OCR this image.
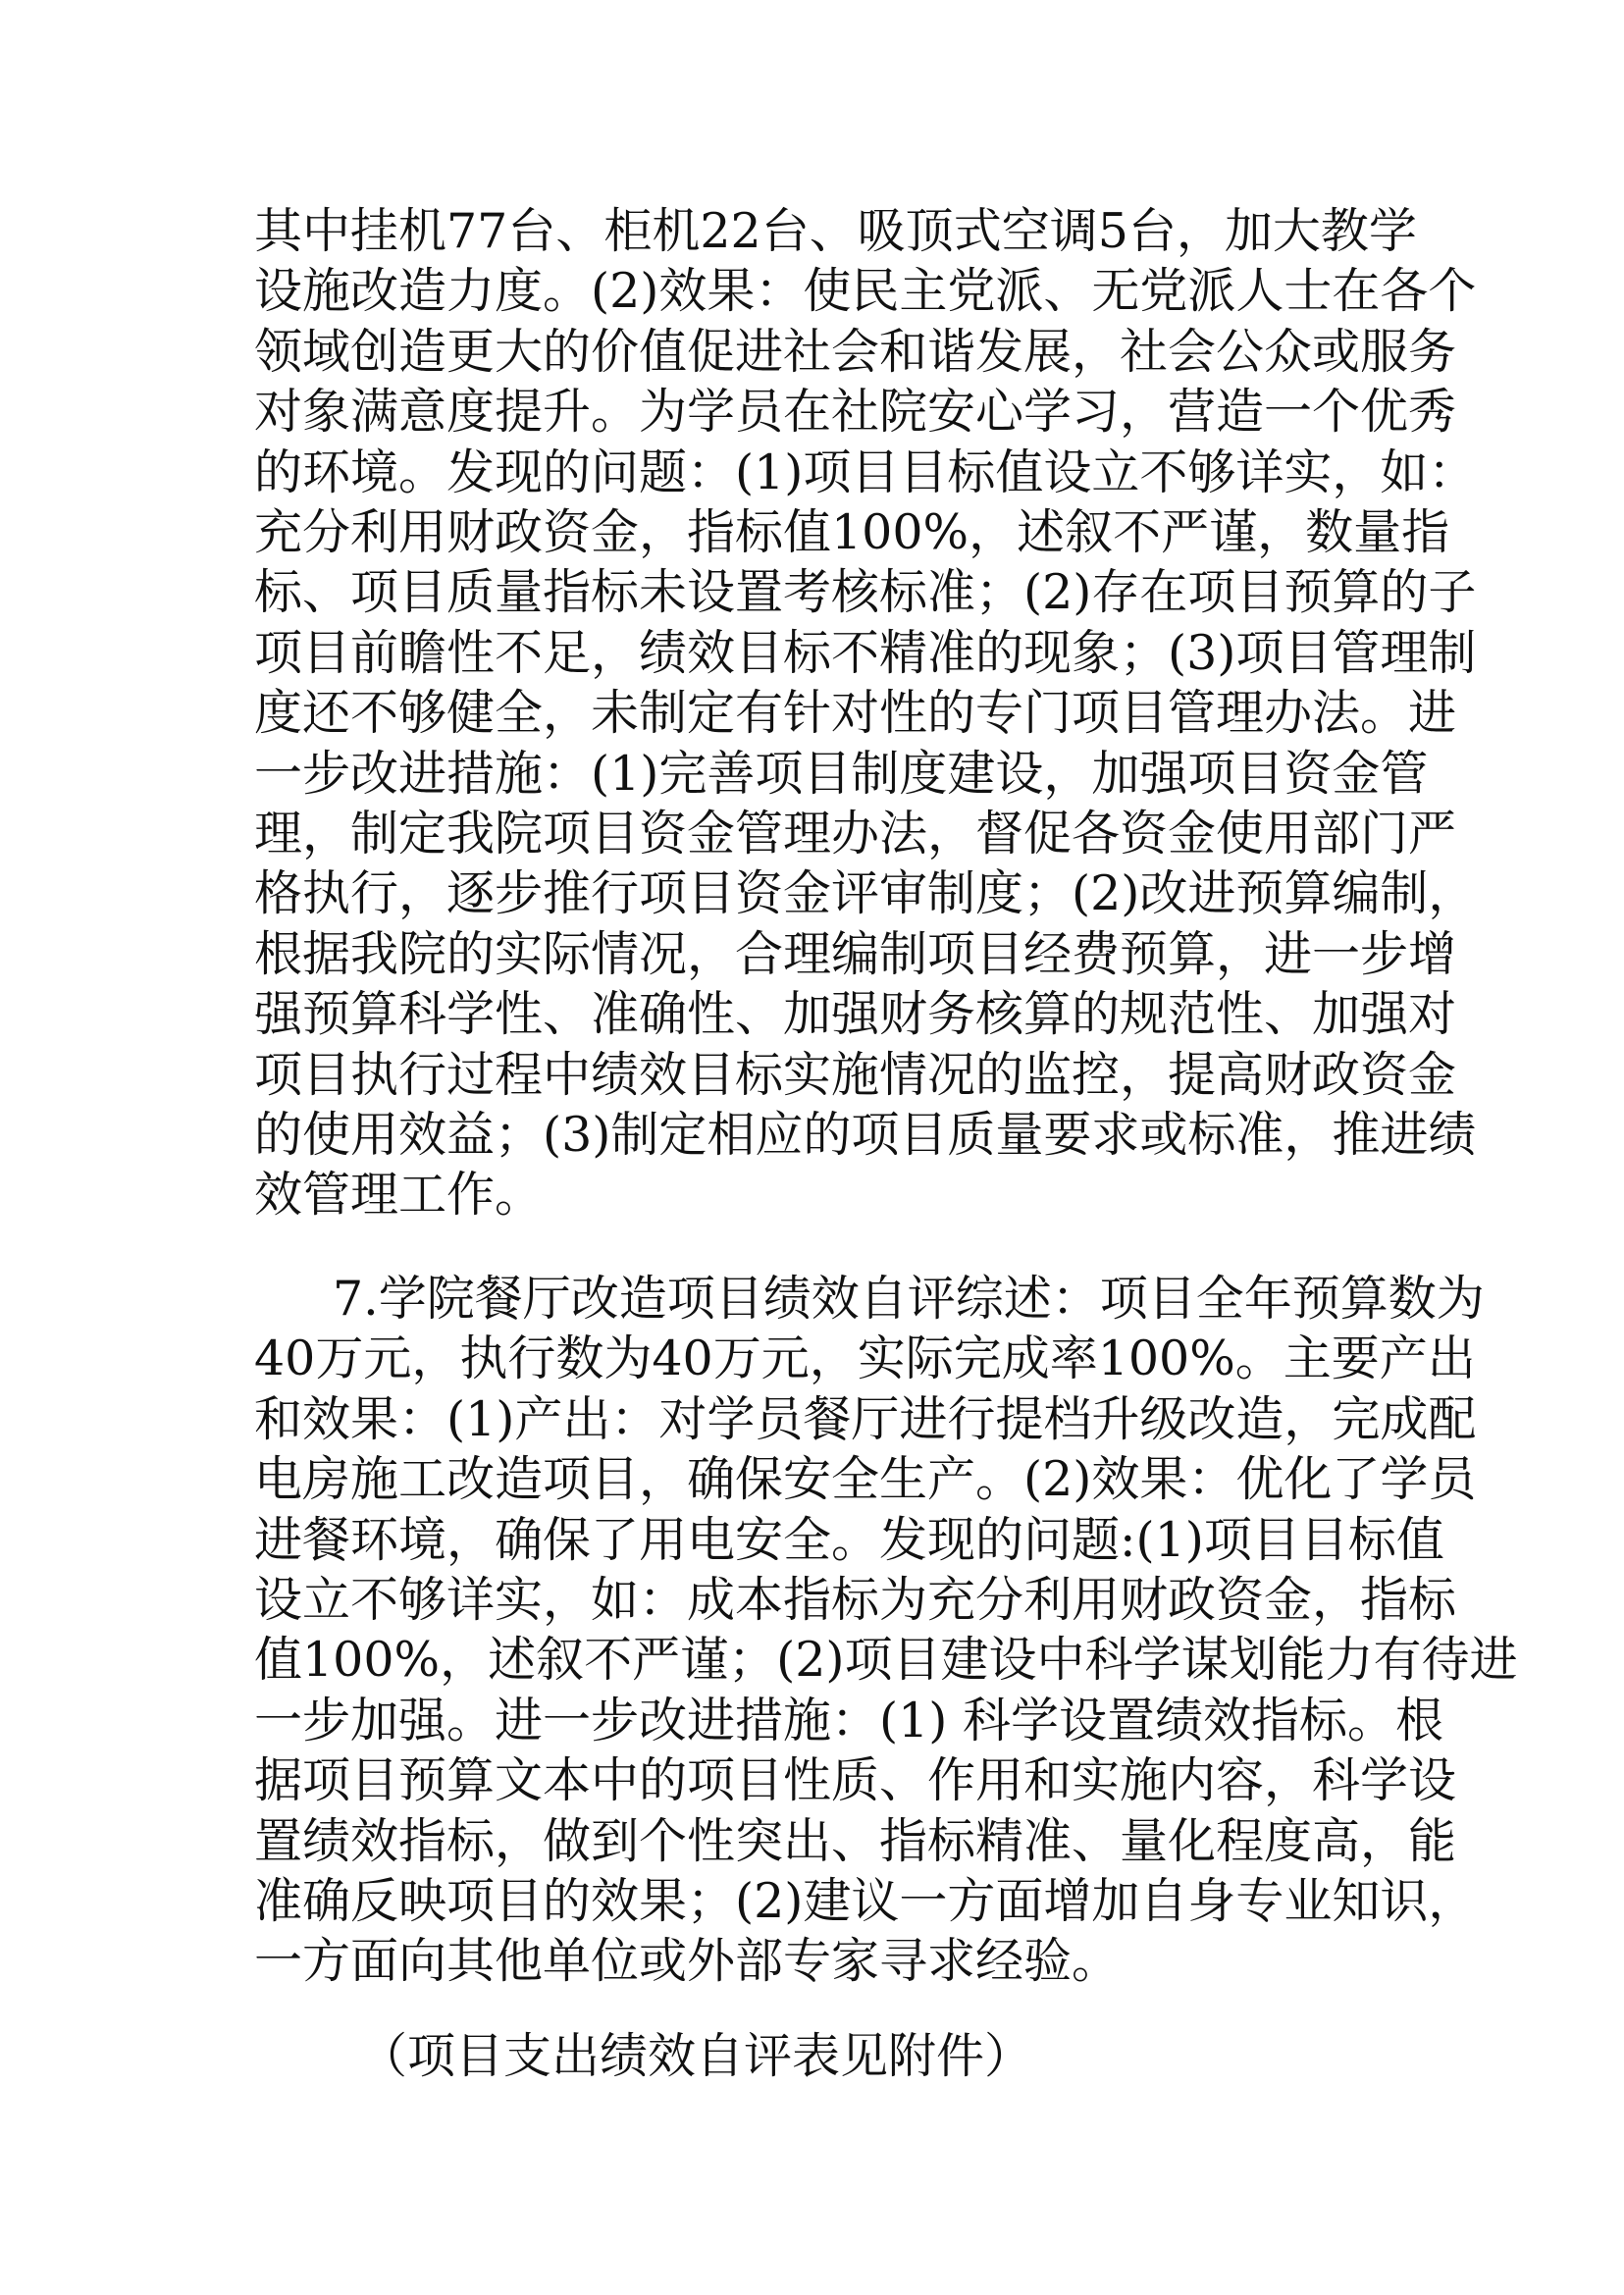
（项目支出绩效自评表见附件）
其中挂机77台、柜机22台、吸顶式空调5台，加大教学
设施改造力度。(2)效果：使民主党派、无党派人士在各个
领域创造更大的价值促进社会和谐发展，社会公众或服务
对象满意度提升。为学员在社院安心学习，营造一个优秀
的环境。发现的问题：(1)项目目标值设立不够详实，如：
充分利用财政资金，指标值100%，述叙不严谨，数量指
标、项目质量指标未设置考核标准；(2)存在项目预算的子
项目前瞻性不足，绩效目标不精准的现象；(3)项目管理制
度还不够健全，未制定有针对性的专门项目管理办法。进
一步改进措施：(1)完善项目制度建设，加强项目资金管
理，制定我院项目资金管理办法，督促各资金使用部门严
格执行，逐步推行项目资金评审制度；(2)改进预算编制，
根据我院的实际情况，合理编制项目经费预算，进一步增
强预算科学性、准确性、加强财务核算的规范性、加强对
项目执行过程中绩效目标实施情况的监控，提高财政资金
的使用效益；(3)制定相应的项目质量要求或标准，推进绩
效管理工作。
7.学院餐厅改造项目绩效自评综述：项目全年预算数为
40万元，执行数为40万元，实际完成率100%。主要产出
和效果：(1)产出：对学员餐厅进行提档升级改造，完成配
电房施工改造项目，确保安全生产。(2)效果：优化了学员
进餐环境，确保了用电安全。发现的问题:(1)项目目标值
设立不够详实，如：成本指标为充分利用财政资金，指标
值100%，述叙不严谨；(2)项目建设中科学谋划能力有待进
一步加强。进一步改进措施：(1) 科学设置绩效指标。根
据项目预算文本中的项目性质、作用和实施内容，科学设
置绩效指标，做到个性突出、指标精准、量化程度高，能
准确反映项目的效果；(2)建议一方面增加自身专业知识，
一方面向其他单位或外部专家寻求经验。
